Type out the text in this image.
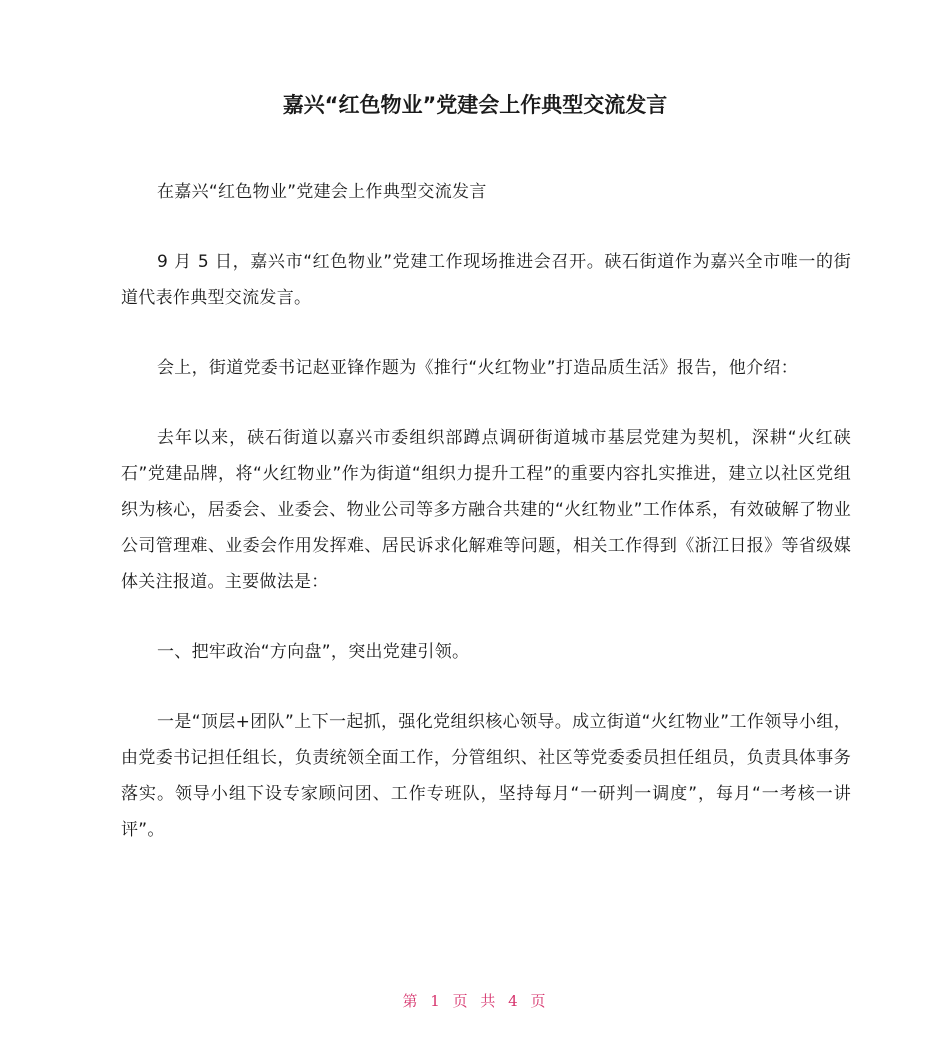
嘉兴“红色物业”党建会上作典型交流发言

在嘉兴“红色物业”党建会上作典型交流发言

9 月 5 日，嘉兴市“红色物业”党建工作现场推进会召开。硖石街道作为嘉兴全市唯一的街道代表作典型交流发言。

会上，街道党委书记赵亚锋作题为《推行“火红物业”打造品质生活》报告，他介绍：

去年以来，硖石街道以嘉兴市委组织部蹲点调研街道城市基层党建为契机，深耕“火红硖石”党建品牌，将“火红物业”作为街道“组织力提升工程”的重要内容扎实推进，建立以社区党组织为核心，居委会、业委会、物业公司等多方融合共建的“火红物业”工作体系，有效破解了物业公司管理难、业委会作用发挥难、居民诉求化解难等问题，相关工作得到《浙江日报》等省级媒体关注报道。主要做法是：

一、把牢政治“方向盘”，突出党建引领。

一是“顶层+团队”上下一起抓，强化党组织核心领导。成立街道“火红物业”工作领导小组，由党委书记担任组长，负责统领全面工作，分管组织、社区等党委委员担任组员，负责具体事务落实。领导小组下设专家顾问团、工作专班队，坚持每月“一研判一调度”，每月“一考核一讲评”。

第 1 页 共 4 页
